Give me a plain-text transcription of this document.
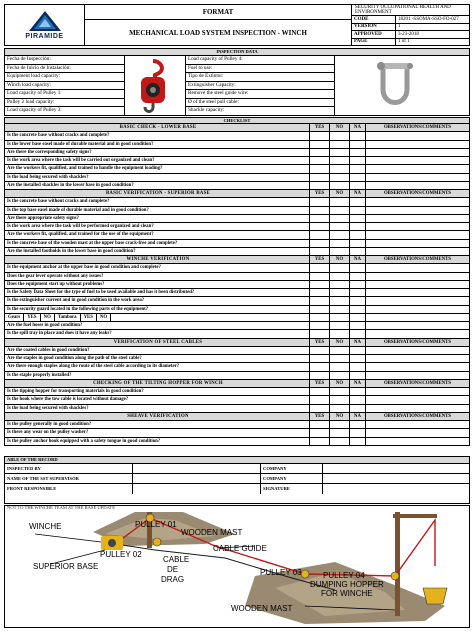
PIRAMIDE
FORMAT
MECHANICAL LOAD SYSTEM INSPECTION - WINCH
SECURITY OCCUPATIONAL HEALTH AND ENVIRONMENT
CODE	18201 -SSOMA-SSO-FO-027
VERSION	1
APPROVED	3-23-2018
PAGE	1 of 1
INSPECTION DATA
Fecha de Inspección:
Fecha de Inicio de Instalación:
Equipment load capacity:
Winch load capacity:
Load capacity of Pulley 1:
Pulley 2 load capacity:
Load capacity of Pulley 3:
Load capacity of Pulley 4:
Fuel to use:
Tipo de Extintor:
Extinguisher Capacity:
Remove the steel guide wire:
Ø of the steel pull cable:
Shackle capacity:
CHECKLIST
BASIC CHECK - LOWER BASE	YES	NO	NA	OBSERVATIONS/COMMENTS
Is the concrete base without cracks and complete?
Is the lower base easel made of durable material and in good condition?
Are there the corresponding safety signs?
Is the work area where the task will be carried out organized and clean?
Are the workers fit, qualified, and trained to handle the equipment loading?
Is the load being secured with shackles?
Are the installed shackles in the lower base in good condition?
BASIC VERIFICATION - SUPERIOR BASE	YES	NO	NA	OBSERVATIONS/COMMENTS
Is the concrete base without cracks and complete?
Is the top base easel made of durable material and in good condition?
Are there appropriate safety signs?
Is the work area where the task will be performed organized and clean?
Are the workers fit, qualified, and trained for the use of the equipment?
Is the concrete base of the wooden mast at the upper base crack-free and complete?
Are the installed footholds in the lower base in good condition?
WINCHE VERIFICATION	YES	NO	NA	OBSERVATIONS/COMMENTS
Is the equipment anchor at the upper base in good condition and complete?
Does the gear lever operate without any issues?
Does the equipment start up without problems?
Is the Safety Data Sheet for the type of fuel to be used available and has it been distributed?
Is the extinguisher current and in good condition in the work area?
Is the security guard located in the following parts of the equipment?
Gears	YES	NO	Tambora	YES	NO
Are the fuel hoses in good condition?
Is the spill tray in place and does it have any leaks?
VERIFICATION OF STEEL CABLES	YES	NO	NA	OBSERVATIONS/COMMENTS
Are the coated cables in good condition?
Are the staples in good condition along the path of the steel cable?
Are there enough staples along the route of the steel cable according to its diameter?
Is the staple properly installed?
CHECKING OF THE TILTING HOPPER FOR WINCH	YES	NO	NA	OBSERVATIONS/COMMENTS
Is the tipping hopper for transporting materials in good condition?
Is the hook where the tow cable is located without damage?
Is the load being secured with shackles?
SHEAVE VERIFICATION	YES	NO	NA	OBSERVATIONS/COMMENTS
Is the pulley generally in good condition?
Is there any wear on the pulley washer?
Is the pulley anchor hook equipped with a safety tongue in good condition?
ABLE OF THE RECORD
INSPECTED BY	COMPANY
NAME OF THE SST SUPERVISOR	COMPANY
FRONT RESPONSIBLE	SIGNATURE
NOT TO THE WINCHE TEAM AT THE BASE UPDATE
WINCHE	PULLEY 01
WOODEN MAST
PULLEY 02
CABLE GUIDE
SUPERIOR BASE
CABLE
DE
DRAG
PULLEY 03	PULLEY 04
DUMPING HOPPER
FOR WINCHE
WOODEN MAST
